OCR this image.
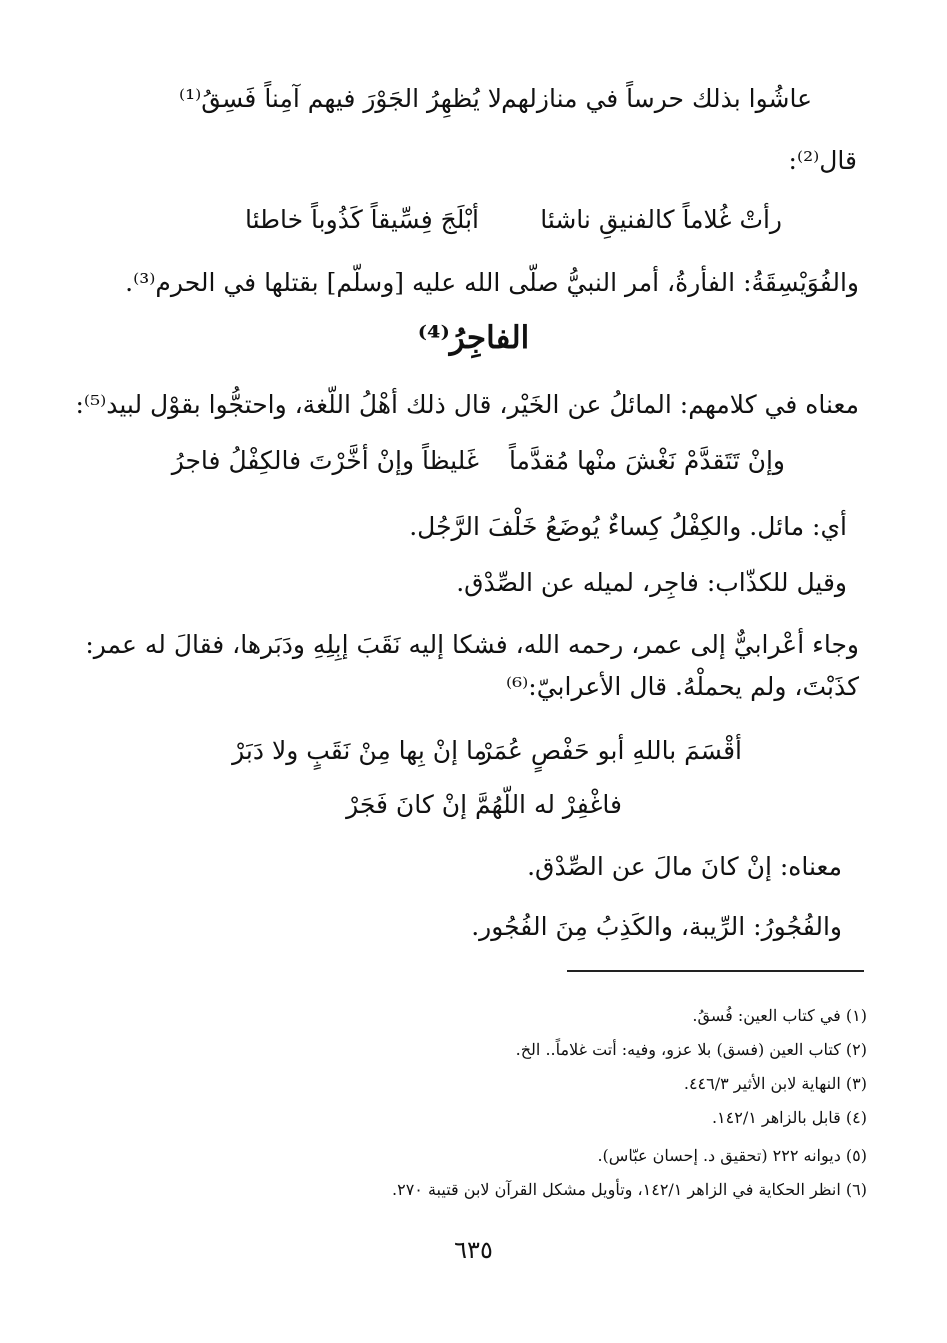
عاشُوا بذلك حرساً في منازلهم
لا يُظهِرُ الجَوْرَ فيهم آمِناً فَسِقُ⁽¹⁾
قال⁽²⁾:
رأتْ غُلاماً كالفنيقِ ناشئا
أبْلَجَ فِسِّيقاً كَذُوباً خاطئا
والفُوَيْسِقَةُ: الفأرةُ، أمر النبيُّ صلّى الله عليه [وسلّم] بقتلها في الحرم⁽³⁾.
الفاجِرُ⁽⁴⁾
معناه في كلامهم: المائلُ عن الخَيْر، قال ذلك أهْلُ اللّغة، واحتجُّوا بقوْل لبيد⁽⁵⁾:
وإنْ تَتَقدَّمْ نَغْشَ منْها مُقدَّماً
غَليظاً وإنْ أخَّرْتَ فالكِفْلُ فاجرُ
أي: مائل. والكِفْلُ كِساءٌ يُوضَعُ خَلْفَ الرَّجُل.
وقيل للكذّاب: فاجِر، لميله عن الصِّدْق.
وجاء أعْرابيٌّ إلى عمر، رحمه الله، فشكا إليه نَقَبَ إبِلِهِ ودَبَرها، فقالَ له عمر:
كذَبْتَ، ولم يحملْهُ. قال الأعرابيّ:⁽⁶⁾
أقْسَمَ باللهِ أبو حَفْصٍ عُمَرْ
ما إنْ بِها مِنْ نَقَبٍ ولا دَبَرْ
فاغْفِرْ له اللّهُمَّ إنْ كانَ فَجَرْ
معناه: إنْ كانَ مالَ عن الصِّدْق.
والفُجُورُ: الرِّيبة، والكَذِبُ مِنَ الفُجُور.
(١) في كتاب العين: فُسقُ.
(٢) كتاب العين (فسق) بلا عزو، وفيه: أتت غلاماً.. الخ.
(٣) النهاية لابن الأثير ٤٤٦/٣.
(٤) قابل بالزاهر ١٤٢/١.
(٥) ديوانه ٢٢٢ (تحقيق د. إحسان عبّاس).
(٦) انظر الحكاية في الزاهر ١٤٢/١، وتأويل مشكل القرآن لابن قتيبة ٢٧٠.
٦٣٥
